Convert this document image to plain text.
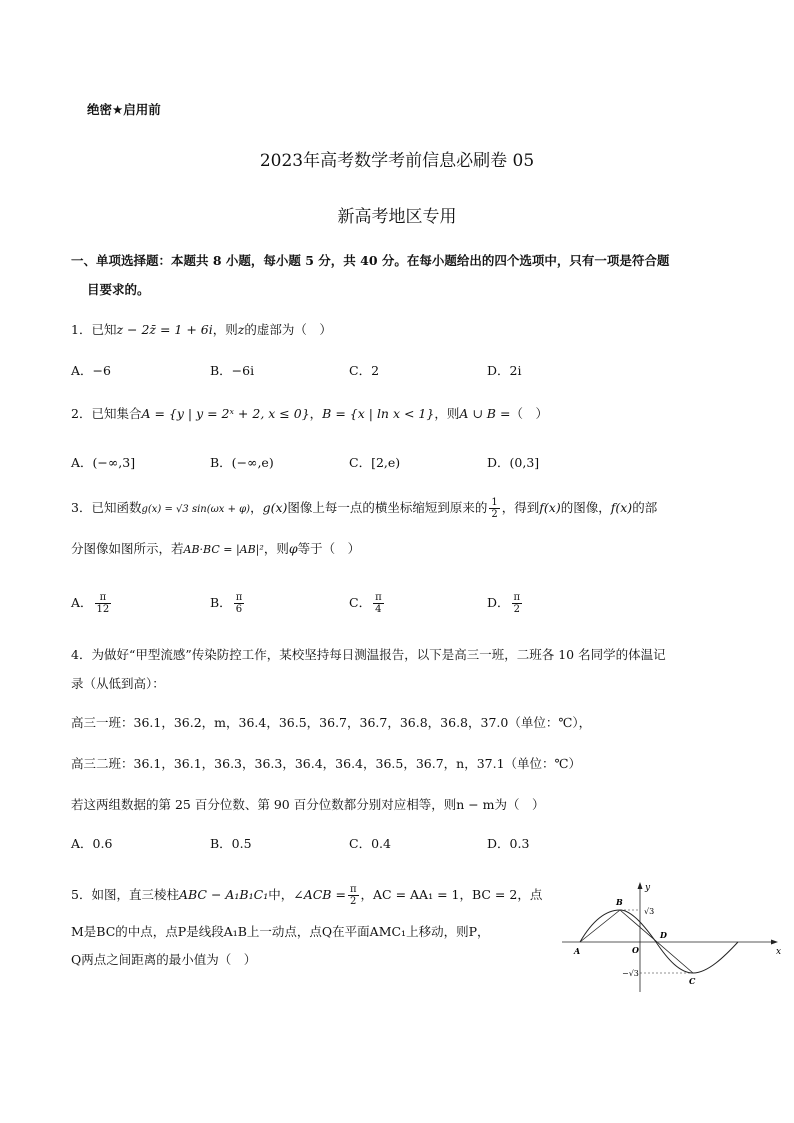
绝密★启用前
2023年高考数学考前信息必刷卷 05
新高考地区专用
一、单项选择题：本题共 8 小题，每小题 5 分，共 40 分。在每小题给出的四个选项中，只有一项是符合题
目要求的。
1．已知z − 2z̄ = 1 + 6i，则z的虚部为（　）
A．−6	B．−6i	C．2	D．2i
2．已知集合A = {y | y = 2ˣ + 2, x ≤ 0}，B = {x | ln x < 1}，则A ∪ B =（　）
A．(−∞,3]	B．(−∞,e)	C．[2,e)	D．(0,3]
3．已知函数g(x) = √3 sin(ωx + φ)，g(x)图像上每一点的横坐标缩短到原来的 $\frac{1}{2}$ ，得到f(x)的图像，f(x)的部
分图像如图所示，若AB·BC = |AB|²，则φ等于（　）
A． $\frac{\pi}{12}$	B． $\frac{\pi}{6}$	C． $\frac{\pi}{4}$	D． $\frac{\pi}{2}$
4．为做好“甲型流感”传染防控工作，某校坚持每日测温报告，以下是高三一班，二班各 10 名同学的体温记
录（从低到高）：
高三一班：36.1，36.2，m，36.4，36.5，36.7，36.7，36.8，36.8，37.0（单位：℃），
高三二班：36.1，36.1，36.3，36.3，36.4，36.4，36.5，36.7，n，37.1（单位：℃）
若这两组数据的第 25 百分位数、第 90 百分位数都分别对应相等，则n − m为（　）
A．0.6	B．0.5	C．0.4	D．0.3
5．如图，直三棱柱ABC − A₁B₁C₁中，∠ACB = $\frac{\pi}{2}$ ，AC = AA₁ = 1，BC = 2，点
M是BC的中点，点P是线段A₁B上一动点，点Q在平面AMC₁上移动，则P，
Q两点之间距离的最小值为（　）	x
y
O
A
B
C
D
√3
−√3
